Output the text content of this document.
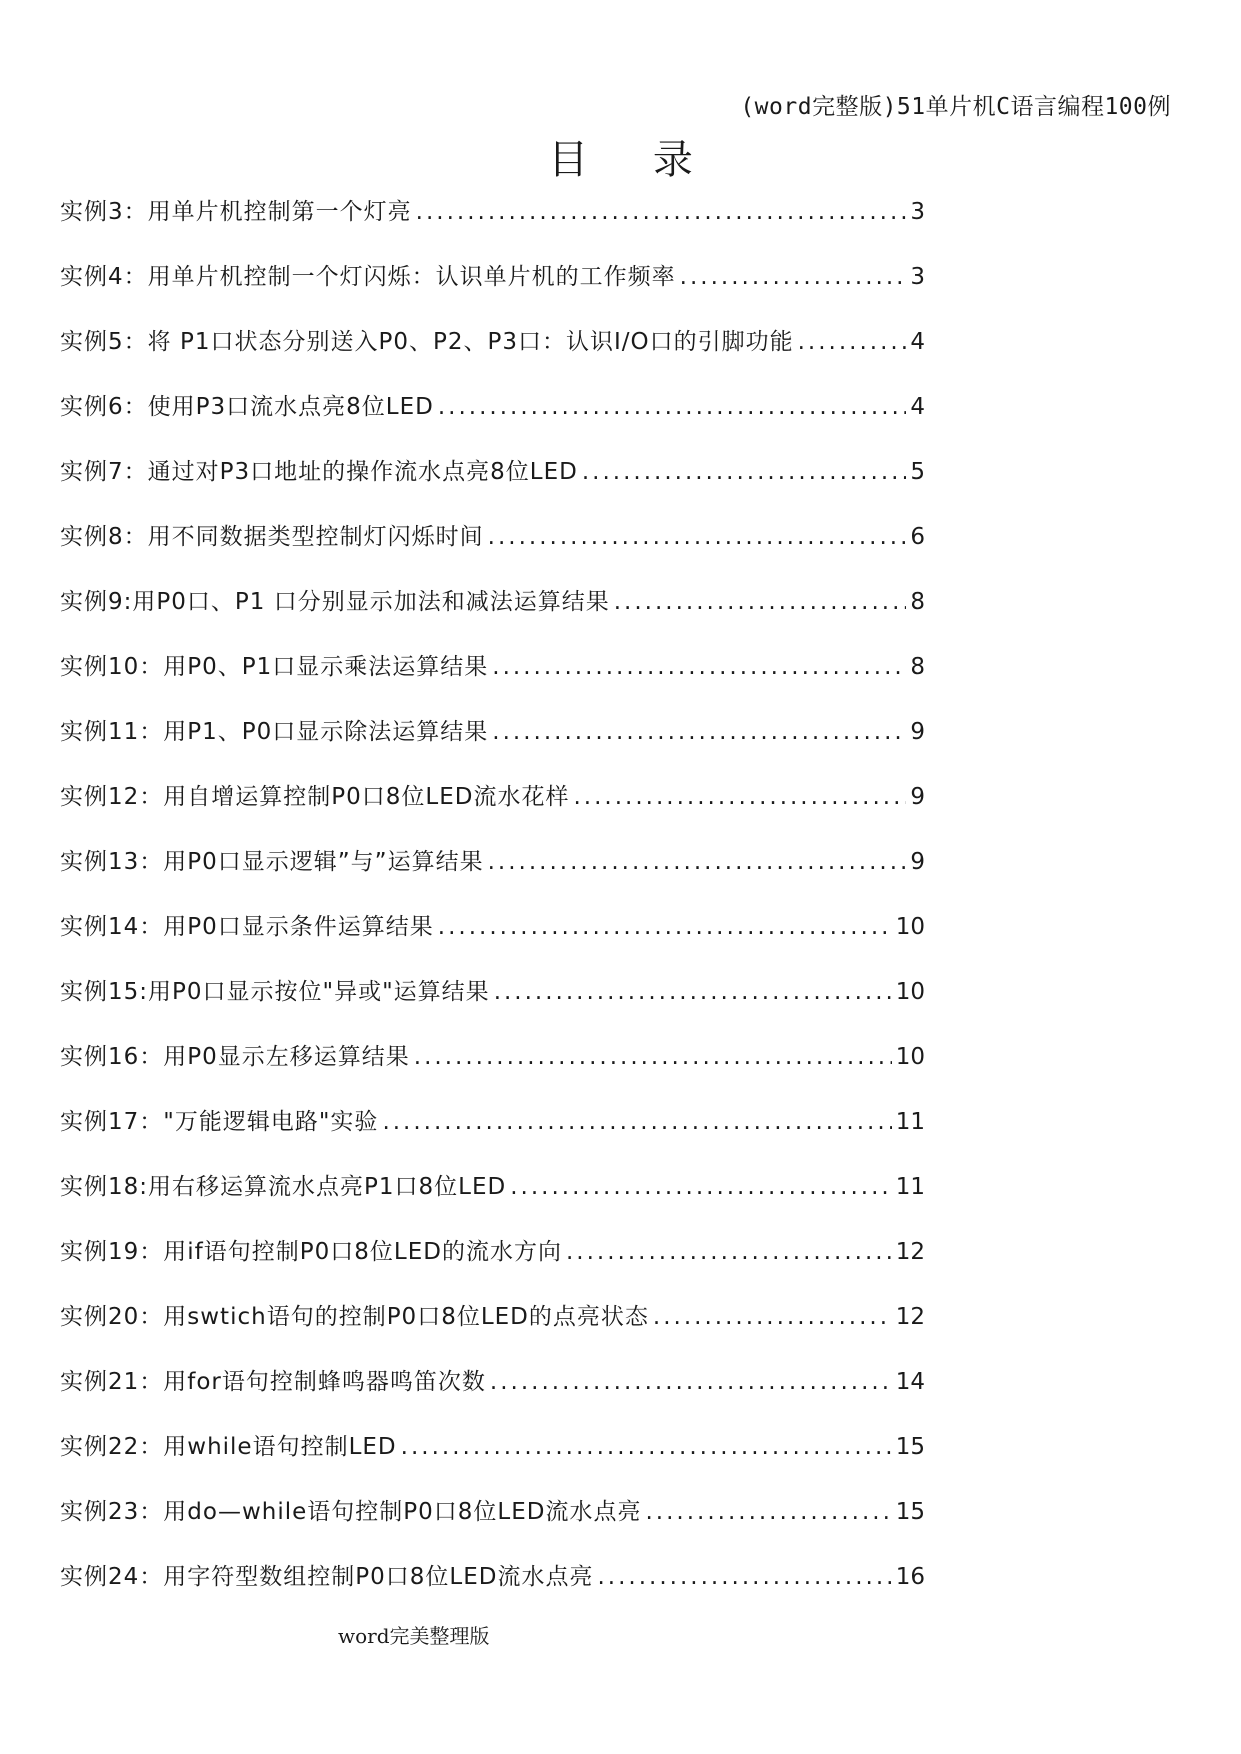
(word完整版)51单片机C语言编程100例
目 录
实例3：用单片机控制第一个灯亮 .....	3
实例4：用单片机控制一个灯闪烁：认识单片机的工作频率 .....	3
实例5：将 P1口状态分别送入P0、P2、P3口：认识I/O口的引脚功能 .....	4
实例6：使用P3口流水点亮8位LED .....	4
实例7：通过对P3口地址的操作流水点亮8位LED .....	5
实例8：用不同数据类型控制灯闪烁时间 .....	6
实例9:用P0口、P1 口分别显示加法和减法运算结果 .....	8
实例10：用P0、P1口显示乘法运算结果 .....	8
实例11：用P1、P0口显示除法运算结果 .....	9
实例12：用自增运算控制P0口8位LED流水花样 .....	9
实例13：用P0口显示逻辑”与”运算结果 .....	9
实例14：用P0口显示条件运算结果 .....	10
实例15:用P0口显示按位"异或"运算结果 .....	10
实例16：用P0显示左移运算结果 .....	10
实例17："万能逻辑电路"实验 .....	11
实例18:用右移运算流水点亮P1口8位LED .....	11
实例19：用if语句控制P0口8位LED的流水方向 .....	12
实例20：用swtich语句的控制P0口8位LED的点亮状态 .....	12
实例21：用for语句控制蜂鸣器鸣笛次数 .....	14
实例22：用while语句控制LED .....	15
实例23：用do—while语句控制P0口8位LED流水点亮 .....	15
实例24：用字符型数组控制P0口8位LED流水点亮 .....	16
word完美整理版
